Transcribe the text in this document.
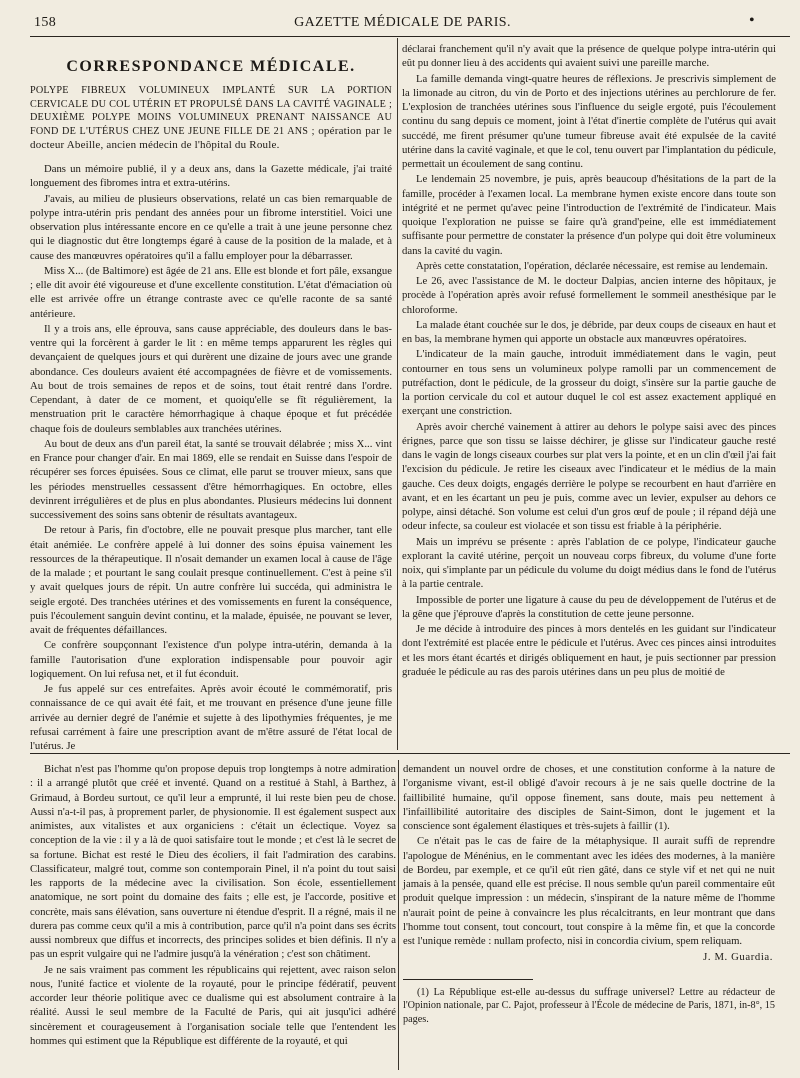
158	GAZETTE MÉDICALE DE PARIS.	•
CORRESPONDANCE MÉDICALE.
POLYPE FIBREUX VOLUMINEUX IMPLANTÉ SUR LA PORTION CERVICALE DU COL UTÉRIN ET PROPULSÉ DANS LA CAVITÉ VAGINALE ; DEUXIÈME POLYPE MOINS VOLUMINEUX PRENANT NAISSANCE AU FOND DE L'UTÉRUS CHEZ UNE JEUNE FILLE DE 21 ANS ; opération par le docteur Abeille, ancien médecin de l'hôpital du Roule.

Dans un mémoire publié, il y a deux ans, dans la Gazette médicale, j'ai traité longuement des fibromes intra et extra-utérins.

J'avais, au milieu de plusieurs observations, relaté un cas bien remarquable de polype intra-utérin pris pendant des années pour un fibrome interstitiel. Voici une observation plus intéressante encore en ce qu'elle a trait à une jeune personne chez qui le diagnostic dut être longtemps égaré à cause de la position de la malade, et à cause des manœuvres opératoires qu'il a fallu employer pour la débarrasser.

Miss X... (de Baltimore) est âgée de 21 ans. Elle est blonde et fort pâle, exsangue ; elle dit avoir été vigoureuse et d'une excellente constitution. L'état d'émaciation où elle est arrivée offre un étrange contraste avec ce qu'elle raconte de sa santé antérieure.

Il y a trois ans, elle éprouva, sans cause appréciable, des douleurs dans le bas-ventre qui la forcèrent à garder le lit : en même temps apparurent les règles qui devançaient de quelques jours et qui durèrent une dizaine de jours avec une grande abondance. Ces douleurs avaient été accompagnées de fièvre et de vomissements. Au bout de trois semaines de repos et de soins, tout était rentré dans l'ordre. Cependant, à dater de ce moment, et quoiqu'elle se fît régulièrement, la menstruation prit le caractère hémorrhagique à chaque époque et fut précédée chaque fois de douleurs semblables aux tranchées utérines.

Au bout de deux ans d'un pareil état, la santé se trouvait délabrée ; miss X... vint en France pour changer d'air. En mai 1869, elle se rendait en Suisse dans l'espoir de récupérer ses forces épuisées. Sous ce climat, elle parut se trouver mieux, sans que les périodes menstruelles cessassent d'être hémorrhagiques. En octobre, elles devinrent irrégulières et de plus en plus abondantes. Plusieurs médecins lui donnent successivement des soins sans obtenir de résultats avantageux.

De retour à Paris, fin d'octobre, elle ne pouvait presque plus marcher, tant elle était anémiée. Le confrère appelé à lui donner des soins épuisa vainement les ressources de la thérapeutique. Il n'osait demander un examen local à cause de l'âge de la malade ; et pourtant le sang coulait presque continuellement. C'est à peine s'il y avait quelques jours de répit. Un autre confrère lui succéda, qui administra le seigle ergoté. Des tranchées utérines et des vomissements en furent la conséquence, puis l'écoulement sanguin devint continu, et la malade, épuisée, ne pouvant se lever, avait de fréquentes défaillances.

Ce confrère soupçonnant l'existence d'un polype intra-utérin, demanda à la famille l'autorisation d'une exploration indispensable pour pouvoir agir logiquement. On lui refusa net, et il fut éconduit.

Je fus appelé sur ces entrefaites. Après avoir écouté le commémoratif, pris connaissance de ce qui avait été fait, et me trouvant en présence d'une jeune fille arrivée au dernier degré de l'anémie et sujette à des lipothymies fréquentes, je me refusai carrément à faire une prescription avant de m'être assuré de l'état local de l'utérus. Je

déclarai franchement qu'il n'y avait que la présence de quelque polype intra-utérin qui eût pu donner lieu à des accidents qui avaient suivi une pareille marche.

La famille demanda vingt-quatre heures de réflexions. Je prescrivis simplement de la limonade au citron, du vin de Porto et des injections utérines au perchlorure de fer. L'explosion de tranchées utérines sous l'influence du seigle ergoté, puis l'écoulement continu du sang depuis ce moment, joint à l'état d'inertie complète de l'utérus qui avait succédé, me firent présumer qu'une tumeur fibreuse avait été expulsée de la cavité utérine dans la cavité vaginale, et que le col, tenu ouvert par l'implantation du pédicule, permettait un écoulement de sang continu.

Le lendemain 25 novembre, je puis, après beaucoup d'hésitations de la part de la famille, procéder à l'examen local. La membrane hymen existe encore dans toute son intégrité et ne permet qu'avec peine l'introduction de l'extrémité de l'indicateur. Mais quoique l'exploration ne puisse se faire qu'à grand'peine, elle est immédiatement suffisante pour permettre de constater la présence d'un polype qui doit être volumineux dans la cavité du vagin.

Après cette constatation, l'opération, déclarée nécessaire, est remise au lendemain.

Le 26, avec l'assistance de M. le docteur Dalpias, ancien interne des hôpitaux, je procède à l'opération après avoir refusé formellement le sommeil anesthésique par le chloroforme.

La malade étant couchée sur le dos, je débride, par deux coups de ciseaux en haut et en bas, la membrane hymen qui apporte un obstacle aux manœuvres opératoires.

L'indicateur de la main gauche, introduit immédiatement dans le vagin, peut contourner en tous sens un volumineux polype ramolli par un commencement de putréfaction, dont le pédicule, de la grosseur du doigt, s'insère sur la partie gauche de la portion cervicale du col et autour duquel le col est assez exactement appliqué en exerçant une constriction.

Après avoir cherché vainement à attirer au dehors le polype saisi avec des pinces érignes, parce que son tissu se laisse déchirer, je glisse sur l'indicateur gauche resté dans le vagin de longs ciseaux courbes sur plat vers la pointe, et en un clin d'œil j'ai fait l'excision du pédicule. Je retire les ciseaux avec l'indicateur et le médius de la main gauche. Ces deux doigts, engagés derrière le polype se recourbent en haut d'arrière en avant, et en les écartant un peu je puis, comme avec un levier, expulser au dehors ce polype, ainsi détaché. Son volume est celui d'un gros œuf de poule ; il répand déjà une odeur infecte, sa couleur est violacée et son tissu est friable à la périphérie.

Mais un imprévu se présente : après l'ablation de ce polype, l'indicateur gauche explorant la cavité utérine, perçoit un nouveau corps fibreux, du volume d'une forte noix, qui s'implante par un pédicule du volume du doigt médius dans le fond de l'utérus à la partie centrale.

Impossible de porter une ligature à cause du peu de développement de l'utérus et de la gêne que j'éprouve d'après la constitution de cette jeune personne.

Je me décide à introduire des pinces à mors dentelés en les guidant sur l'indicateur dont l'extrémité est placée entre le pédicule et l'utérus. Avec ces pinces ainsi introduites et les mors étant écartés et dirigés obliquement en haut, je puis sectionner par pression graduée le pédicule au ras des parois utérines dans un peu plus de moitié de

Bichat n'est pas l'homme qu'on propose depuis trop longtemps à notre admiration : il a arrangé plutôt que créé et inventé. Quand on a restitué à Stahl, à Barthez, à Grimaud, à Bordeu surtout, ce qu'il leur a emprunté, il lui reste bien peu de chose. Aussi n'a-t-il pas, à proprement parler, de physionomie. Il est également suspect aux animistes, aux vitalistes et aux organiciens : c'était un éclectique. Voyez sa conception de la vie : il y a là de quoi satisfaire tout le monde ; et c'est là le secret de sa fortune. Bichat est resté le Dieu des écoliers, il fait l'admiration des carabins. Classificateur, malgré tout, comme son contemporain Pinel, il n'a point du tout saisi les rapports de la médecine avec la civilisation. Son école, essentiellement anatomique, ne sort point du domaine des faits ; elle est, je l'accorde, positive et concrète, mais sans élévation, sans ouverture ni étendue d'esprit. Il a régné, mais il ne durera pas comme ceux qu'il a mis à contribution, parce qu'il n'a point dans ses écrits aussi nombreux que diffus et incorrects, des principes solides et bien définis. Il n'y a pas un esprit vulgaire qui ne l'admire jusqu'à la vénération ; c'est son châtiment.

Je ne sais vraiment pas comment les républicains qui rejettent, avec raison selon nous, l'unité factice et violente de la royauté, pour le principe fédératif, peuvent accorder leur théorie politique avec ce dualisme qui est absolument contraire à la réalité. Aussi le seul membre de la Faculté de Paris, qui ait jusqu'ici adhéré sincèrement et courageusement à l'organisation sociale telle que l'entendent les hommes qui estiment que la République est différente de la royauté, et qui

demandent un nouvel ordre de choses, et une constitution conforme à la nature de l'organisme vivant, est-il obligé d'avoir recours à je ne sais quelle doctrine de la faillibilité humaine, qu'il oppose finement, sans doute, mais peu nettement à l'infaillibilité autoritaire des disciples de Saint-Simon, dont le jugement et la conscience sont également élastiques et très-sujets à faillir (1).

Ce n'était pas le cas de faire de la métaphysique. Il aurait suffi de reprendre l'apologue de Ménénius, en le commentant avec les idées des modernes, à la manière de Bordeu, par exemple, et ce qu'il eût rien gâté, dans ce style vif et net qui ne nuit jamais à la pensée, quand elle est précise. Il nous semble qu'un pareil commentaire eût produit quelque impression : un médecin, s'inspirant de la nature même de l'homme n'aurait point de peine à convaincre les plus récalcitrants, en leur montrant que dans l'homme tout consent, tout concourt, tout conspire à la même fin, et que la concorde est l'unique remède : nullam profecto, nisi in concordia civium, spem reliquam.

J. M. Guardia.
(1) La République est-elle au-dessus du suffrage universel? Lettre au rédacteur de l'Opinion nationale, par C. Pajot, professeur à l'École de médecine de Paris, 1871, in-8°, 15 pages.
